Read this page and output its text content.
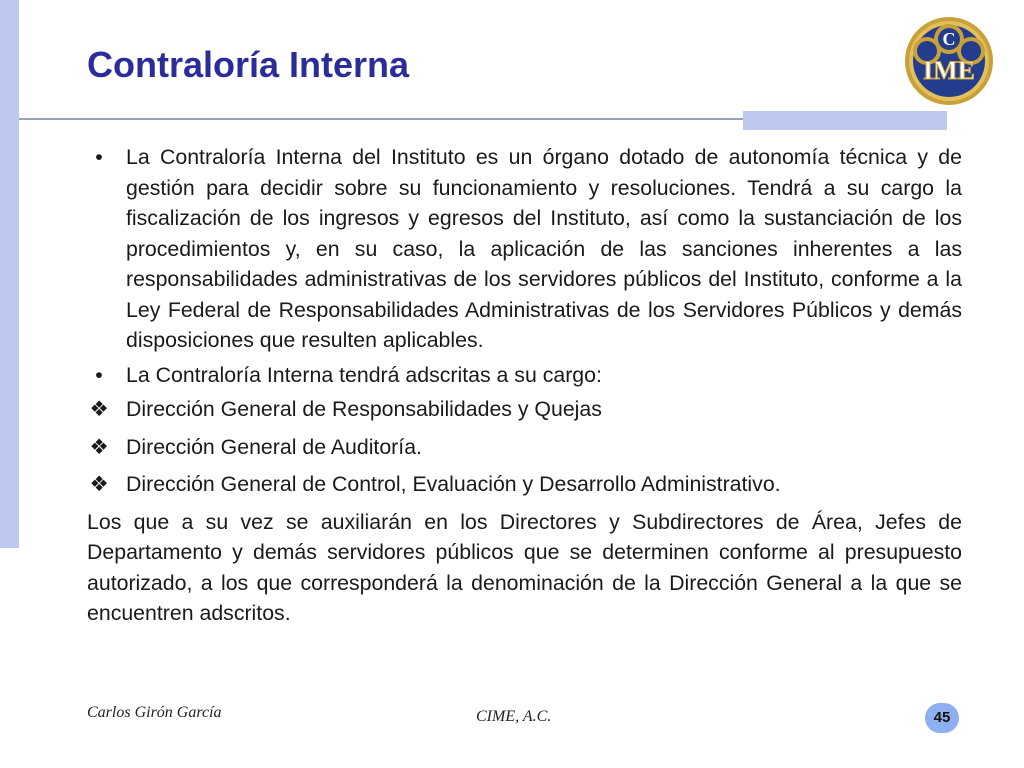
Contraloría Interna
C
IME
•	La Contraloría Interna del Instituto es un órgano dotado de autonomía técnica y de gestión para decidir sobre su funcionamiento y resoluciones. Tendrá a su cargo la fiscalización de los ingresos y egresos del Instituto, así como la sustanciación de los procedimientos y, en su caso, la aplicación de las sanciones inherentes a las responsabilidades administrativas de los servidores públicos del Instituto, conforme a la Ley Federal de Responsabilidades Administrativas de los Servidores Públicos y demás disposiciones que resulten aplicables.

•	La Contraloría Interna tendrá adscritas a su cargo:

❖ Dirección General de Responsabilidades y Quejas

❖ Dirección General de Auditoría.

❖ Dirección General de Control, Evaluación y Desarrollo Administrativo.

Los que a su vez se auxiliarán en los Directores y Subdirectores de Área, Jefes de Departamento y demás servidores públicos que se determinen conforme al presupuesto autorizado, a los que corresponderá la denominación de la Dirección General a la que se encuentren adscritos.

Carlos Girón García	CIME, A.C.	45
